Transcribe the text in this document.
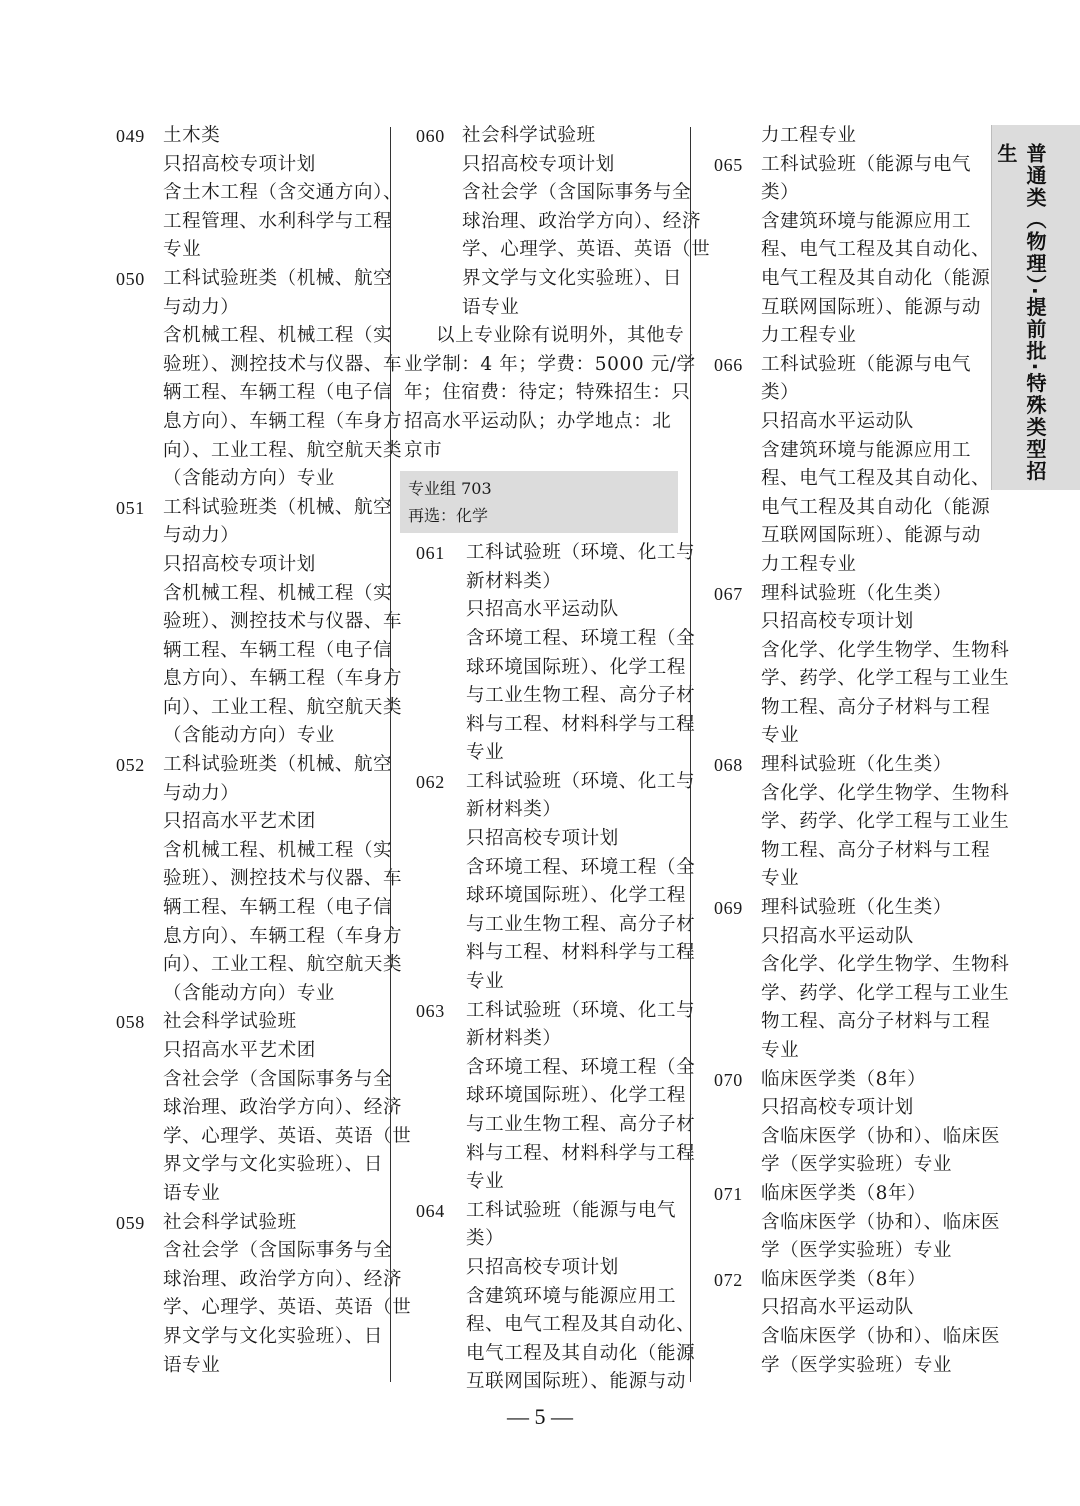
049 土木类
只招高校专项计划
含土木工程（含交通方向）、
工程管理、水利科学与工程
专业
050 工科试验班类（机械、航空
与动力）
含机械工程、机械工程（实
验班）、测控技术与仪器、车
辆工程、车辆工程（电子信
息方向）、车辆工程（车身方
向）、工业工程、航空航天类
（含能动方向）专业
051 工科试验班类（机械、航空
与动力）
只招高校专项计划
含机械工程、机械工程（实
验班）、测控技术与仪器、车
辆工程、车辆工程（电子信
息方向）、车辆工程（车身方
向）、工业工程、航空航天类
（含能动方向）专业
052 工科试验班类（机械、航空
与动力）
只招高水平艺术团
含机械工程、机械工程（实
验班）、测控技术与仪器、车
辆工程、车辆工程（电子信
息方向）、车辆工程（车身方
向）、工业工程、航空航天类
（含能动方向）专业
058 社会科学试验班
只招高水平艺术团
含社会学（含国际事务与全
球治理、政治学方向）、经济
学、心理学、英语、英语（世
界文学与文化实验班）、日
语专业
059 社会科学试验班
含社会学（含国际事务与全
球治理、政治学方向）、经济
学、心理学、英语、英语（世
界文学与文化实验班）、日
语专业
060 社会科学试验班
只招高校专项计划
含社会学（含国际事务与全
球治理、政治学方向）、经济
学、心理学、英语、英语（世
界文学与文化实验班）、日
语专业
以上专业除有说明外，其他专
业学制：4 年；学费：5000 元/学
年；住宿费：待定；特殊招生：只
招高水平运动队；办学地点：北
京市
专业组 703
再选：化学
061 工科试验班（环境、化工与
新材料类）
只招高水平运动队
含环境工程、环境工程（全
球环境国际班）、化学工程
与工业生物工程、高分子材
料与工程、材料科学与工程
专业
062 工科试验班（环境、化工与
新材料类）
只招高校专项计划
含环境工程、环境工程（全
球环境国际班）、化学工程
与工业生物工程、高分子材
料与工程、材料科学与工程
专业
063 工科试验班（环境、化工与
新材料类）
含环境工程、环境工程（全
球环境国际班）、化学工程
与工业生物工程、高分子材
料与工程、材料科学与工程
专业
064 工科试验班（能源与电气
类）
只招高校专项计划
含建筑环境与能源应用工
程、电气工程及其自动化、
电气工程及其自动化（能源
互联网国际班）、能源与动
力工程专业
065 工科试验班（能源与电气
类）
含建筑环境与能源应用工
程、电气工程及其自动化、
电气工程及其自动化（能源
互联网国际班）、能源与动
力工程专业
066 工科试验班（能源与电气
类）
只招高水平运动队
含建筑环境与能源应用工
程、电气工程及其自动化、
电气工程及其自动化（能源
互联网国际班）、能源与动
力工程专业
067 理科试验班（化生类）
只招高校专项计划
含化学、化学生物学、生物科
学、药学、化学工程与工业生
物工程、高分子材料与工程
专业
068 理科试验班（化生类）
含化学、化学生物学、生物科
学、药学、化学工程与工业生
物工程、高分子材料与工程
专业
069 理科试验班（化生类）
只招高水平运动队
含化学、化学生物学、生物科
学、药学、化学工程与工业生
物工程、高分子材料与工程
专业
070 临床医学类（8年）
只招高校专项计划
含临床医学（协和）、临床医
学（医学实验班）专业
071 临床医学类（8年）
含临床医学（协和）、临床医
学（医学实验班）专业
072 临床医学类（8年）
只招高水平运动队
含临床医学（协和）、临床医
学（医学实验班）专业
普通类（物理）·提前批·特殊类型招生
— 5 —
